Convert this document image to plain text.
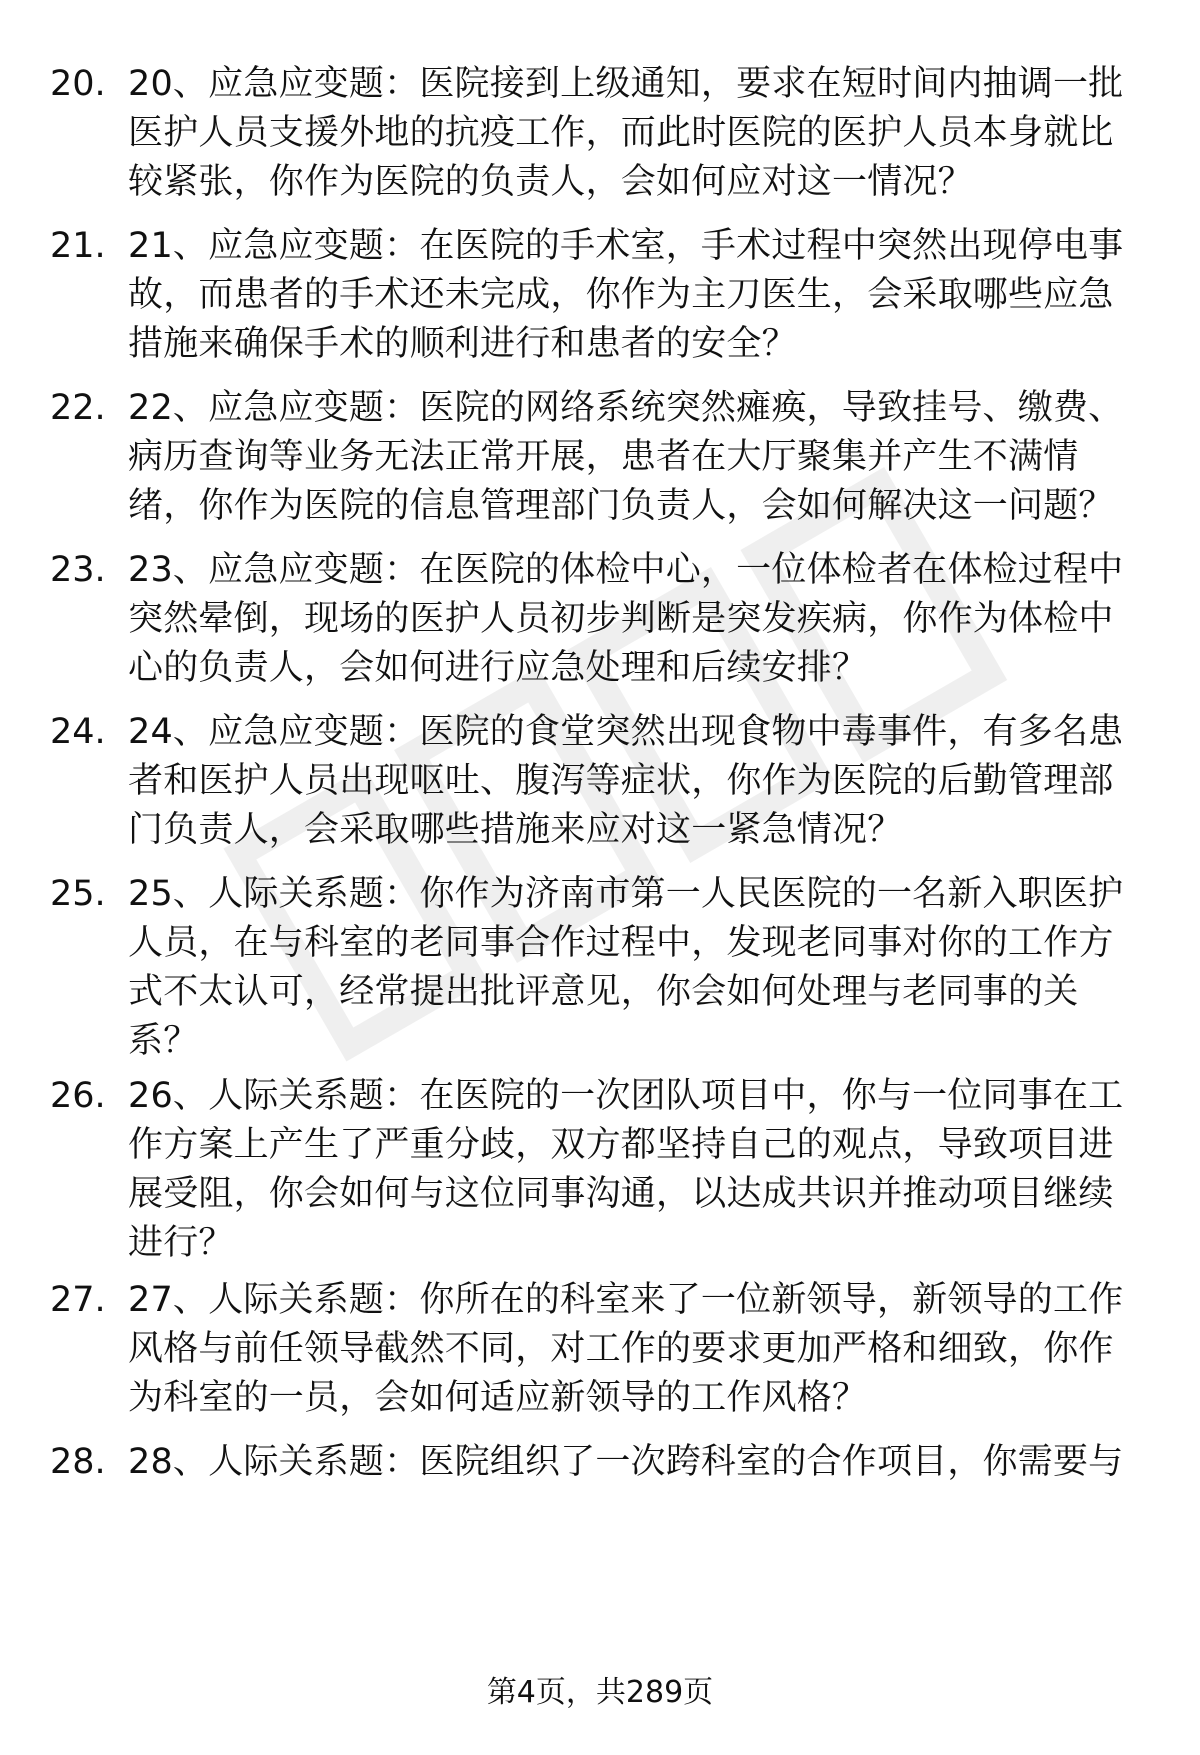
20. 20、应急应变题：医院接到上级通知，要求在短时间内抽调一批
医护人员支援外地的抗疫工作，而此时医院的医护人员本身就比
较紧张，你作为医院的负责人，会如何应对这一情况？
21. 21、应急应变题：在医院的手术室，手术过程中突然出现停电事
故，而患者的手术还未完成，你作为主刀医生，会采取哪些应急
措施来确保手术的顺利进行和患者的安全？
22. 22、应急应变题：医院的网络系统突然瘫痪，导致挂号、缴费、
病历查询等业务无法正常开展，患者在大厅聚集并产生不满情
绪，你作为医院的信息管理部门负责人，会如何解决这一问题？
23. 23、应急应变题：在医院的体检中心，一位体检者在体检过程中
突然晕倒，现场的医护人员初步判断是突发疾病，你作为体检中
心的负责人，会如何进行应急处理和后续安排？
24. 24、应急应变题：医院的食堂突然出现食物中毒事件，有多名患
者和医护人员出现呕吐、腹泻等症状，你作为医院的后勤管理部
门负责人，会采取哪些措施来应对这一紧急情况？
25. 25、人际关系题：你作为济南市第一人民医院的一名新入职医护
人员，在与科室的老同事合作过程中，发现老同事对你的工作方
式不太认可，经常提出批评意见，你会如何处理与老同事的关
系？
26. 26、人际关系题：在医院的一次团队项目中，你与一位同事在工
作方案上产生了严重分歧，双方都坚持自己的观点，导致项目进
展受阻，你会如何与这位同事沟通，以达成共识并推动项目继续
进行？
27. 27、人际关系题：你所在的科室来了一位新领导，新领导的工作
风格与前任领导截然不同，对工作的要求更加严格和细致，你作
为科室的一员，会如何适应新领导的工作风格？
28. 28、人际关系题：医院组织了一次跨科室的合作项目，你需要与
第4页，共289页
